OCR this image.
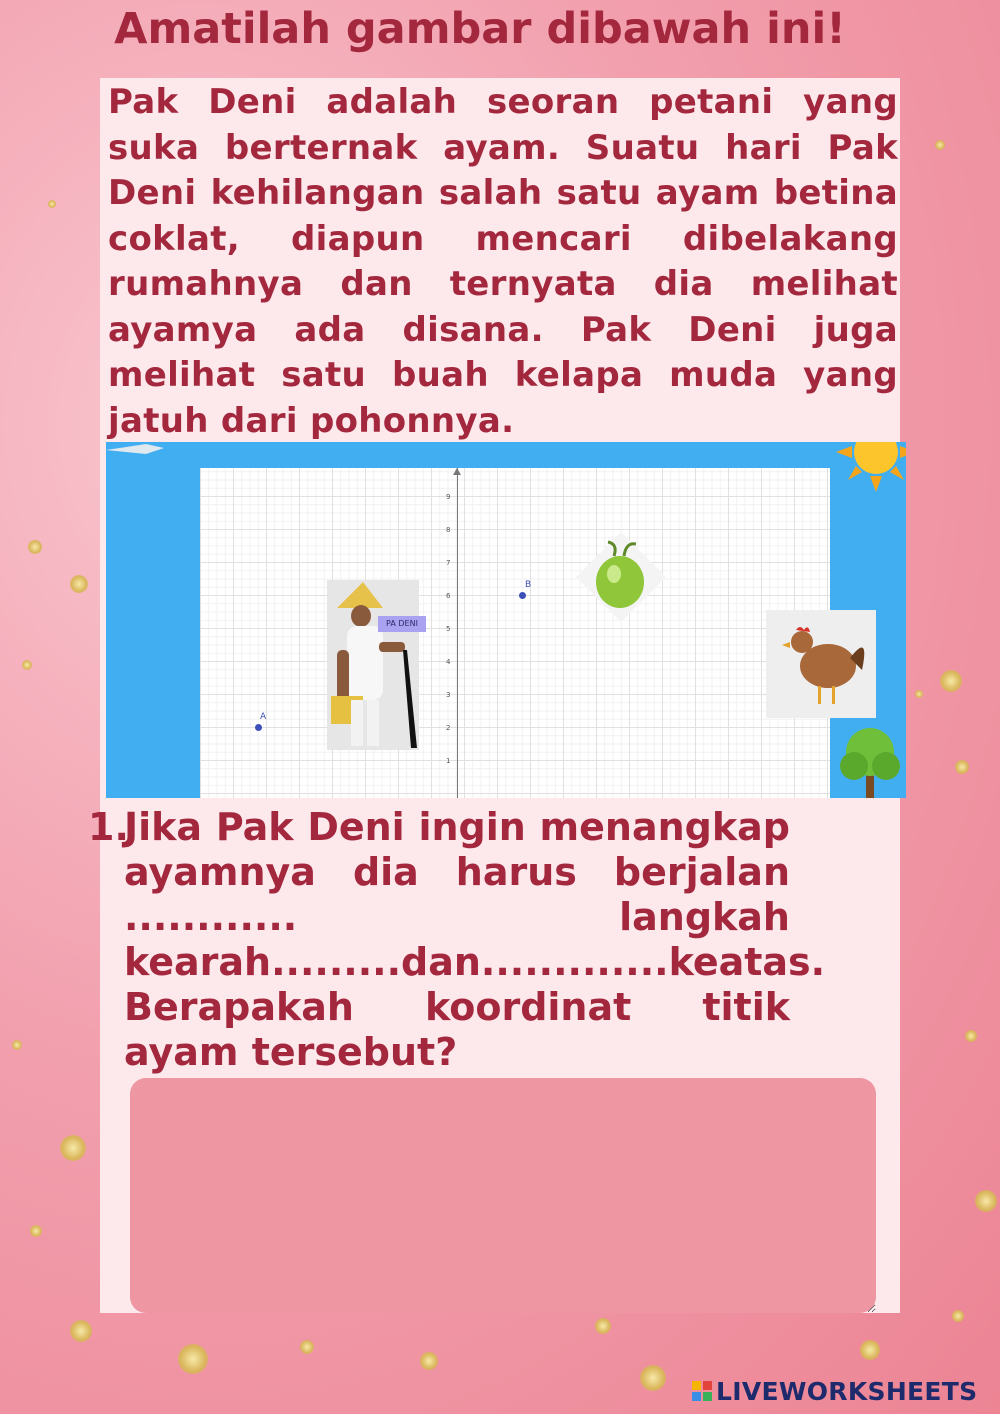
Amatilah gambar dibawah ini!

Pak Deni adalah seoran petani yang suka berternak ayam. Suatu hari Pak Deni kehilangan salah satu ayam betina coklat, diapun mencari dibelakang rumahnya dan ternyata dia melihat ayamya ada disana. Pak Deni juga melihat satu buah kelapa muda yang jatuh dari pohonnya.

9
8
7
6
5
4
3
2
1
PA DENI
A
B
1.

Jika Pak Deni ingin menangkap ayamnya dia harus berjalan ............ langkah kearah.........dan.............keatas. Berapakah koordinat titik ayam tersebut?

LIVEWORKSHEETS
